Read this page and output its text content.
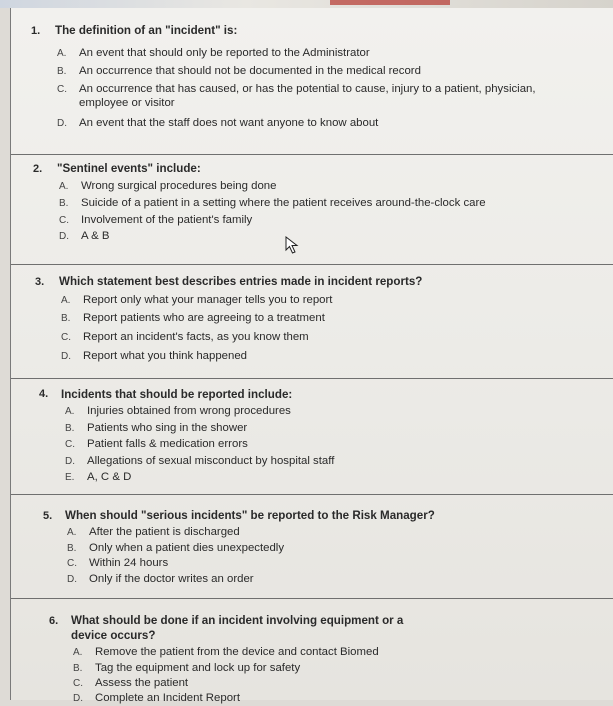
1. The definition of an "incident" is:
A. An event that should only be reported to the Administrator
B. An occurrence that should not be documented in the medical record
C. An occurrence that has caused, or has the potential to cause, injury to a patient, physician,
employee or visitor
D. An event that the staff does not want anyone to know about
2. "Sentinel events" include:
A. Wrong surgical procedures being done
B. Suicide of a patient in a setting where the patient receives around-the-clock care
C. Involvement of the patient's family
D. A & B
3. Which statement best describes entries made in incident reports?
A. Report only what your manager tells you to report
B. Report patients who are agreeing to a treatment
C. Report an incident's facts, as you know them
D. Report what you think happened
4. Incidents that should be reported include:
A. Injuries obtained from wrong procedures
B. Patients who sing in the shower
C. Patient falls & medication errors
D. Allegations of sexual misconduct by hospital staff
E. A, C & D
5. When should "serious incidents" be reported to the Risk Manager?
A. After the patient is discharged
B. Only when a patient dies unexpectedly
C. Within 24 hours
D. Only if the doctor writes an order
6. What should be done if an incident involving equipment or a
device occurs?
A. Remove the patient from the device and contact Biomed
B. Tag the equipment and lock up for safety
C. Assess the patient
D. Complete an Incident Report
